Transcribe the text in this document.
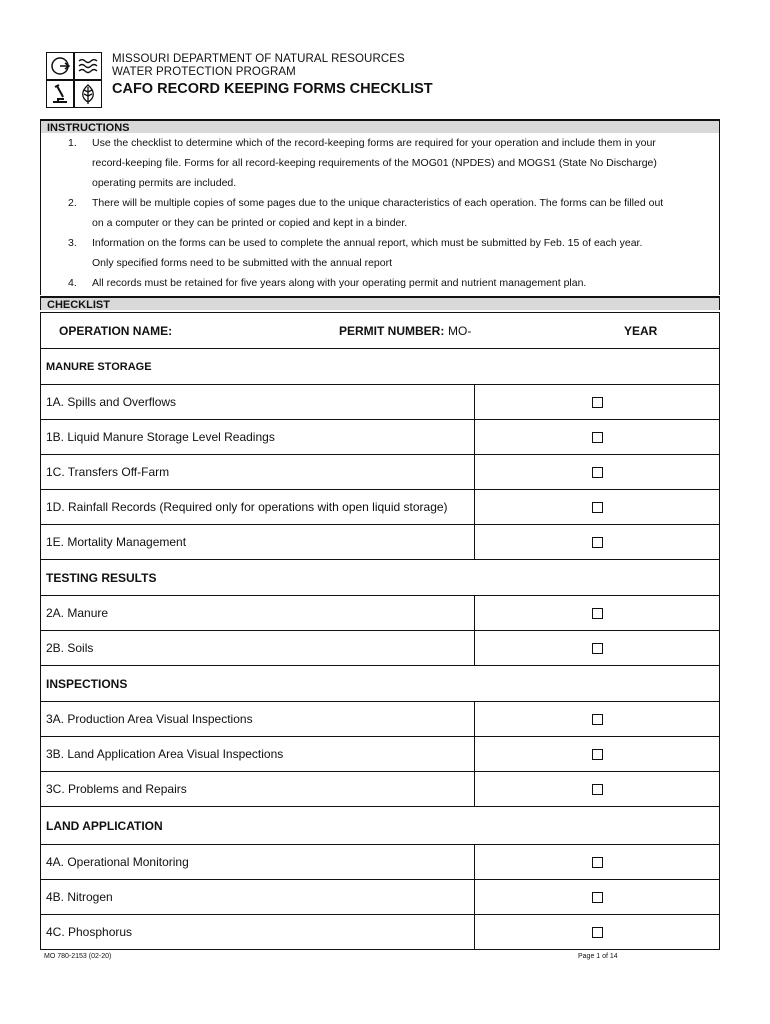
MISSOURI DEPARTMENT OF NATURAL RESOURCES
WATER PROTECTION PROGRAM
CAFO RECORD KEEPING FORMS CHECKLIST
INSTRUCTIONS
1. Use the checklist to determine which of the record-keeping forms are required for your operation and include them in your
record-keeping file. Forms for all record-keeping requirements of the MOG01 (NPDES) and MOGS1 (State No Discharge)
operating permits are included.
2. There will be multiple copies of some pages due to the unique characteristics of each operation. The forms can be filled out
on a computer or they can be printed or copied and kept in a binder.
3. Information on the forms can be used to complete the annual report, which must be submitted by Feb. 15 of each year.
Only specified forms need to be submitted with the annual report
4. All records must be retained for five years along with your operating permit and nutrient management plan.
CHECKLIST
OPERATION NAME:	PERMIT NUMBER: MO-	YEAR
MANURE STORAGE
1A. Spills and Overflows
1B. Liquid Manure Storage Level Readings
1C. Transfers Off-Farm
1D. Rainfall Records (Required only for operations with open liquid storage)
1E. Mortality Management
TESTING RESULTS
2A. Manure
2B. Soils
INSPECTIONS
3A. Production Area Visual Inspections
3B. Land Application Area Visual Inspections
3C. Problems and Repairs
LAND APPLICATION
4A. Operational Monitoring
4B. Nitrogen
4C. Phosphorus
MO 780-2153 (02-20)	Page 1 of 14
